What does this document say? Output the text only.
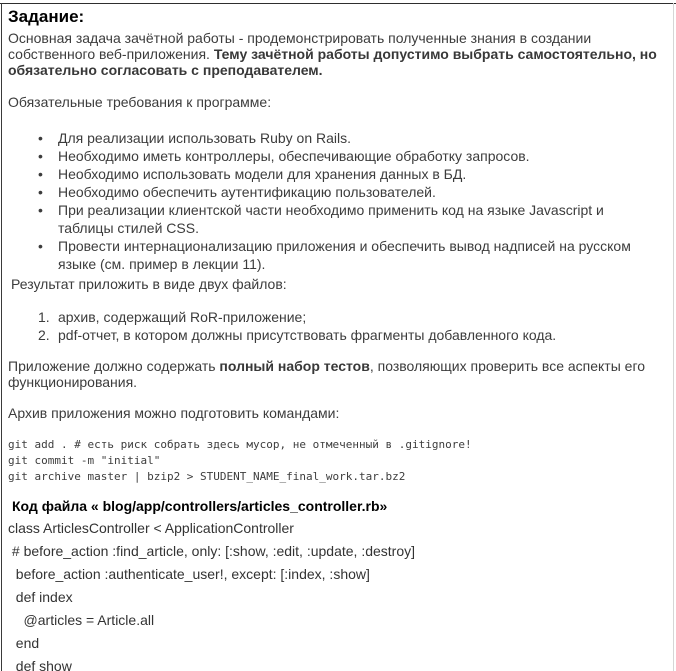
Задание:

Основная задача зачётной работы - продемонстрировать полученные знания в создании собственного веб-приложения. Тему зачётной работы допустимо выбрать самостоятельно, но обязательно согласовать с преподавателем.

Обязательные требования к программе:

• Для реализации использовать Ruby on Rails.
• Необходимо иметь контроллеры, обеспечивающие обработку запросов.
• Необходимо использовать модели для хранения данных в БД.
• Необходимо обеспечить аутентификацию пользователей.
• При реализации клиентской части необходимо применить код на языке Javascript и таблицы стилей CSS.
• Провести интернационализацию приложения и обеспечить вывод надписей на русском языке (см. пример в лекции 11).

Результат приложить в виде двух файлов:

архив, содержащий RoR-приложение;
pdf-отчет, в котором должны присутствовать фрагменты добавленного кода.

Приложение должно содержать полный набор тестов, позволяющих проверить все аспекты его функционирования.

Архив приложения можно подготовить командами:

git add . # есть риск собрать здесь мусор, не отмеченный в .gitignore!
git commit -m "initial"
git archive master | bzip2 > STUDENT_NAME_final_work.tar.bz2
Код файла « blog/app/controllers/articles_controller.rb»
class ArticlesController < ApplicationController
# before_action :find_article, only: [:show, :edit, :update, :destroy]
before_action :authenticate_user!, except: [:index, :show]
def index
@articles = Article.all
end
def show
